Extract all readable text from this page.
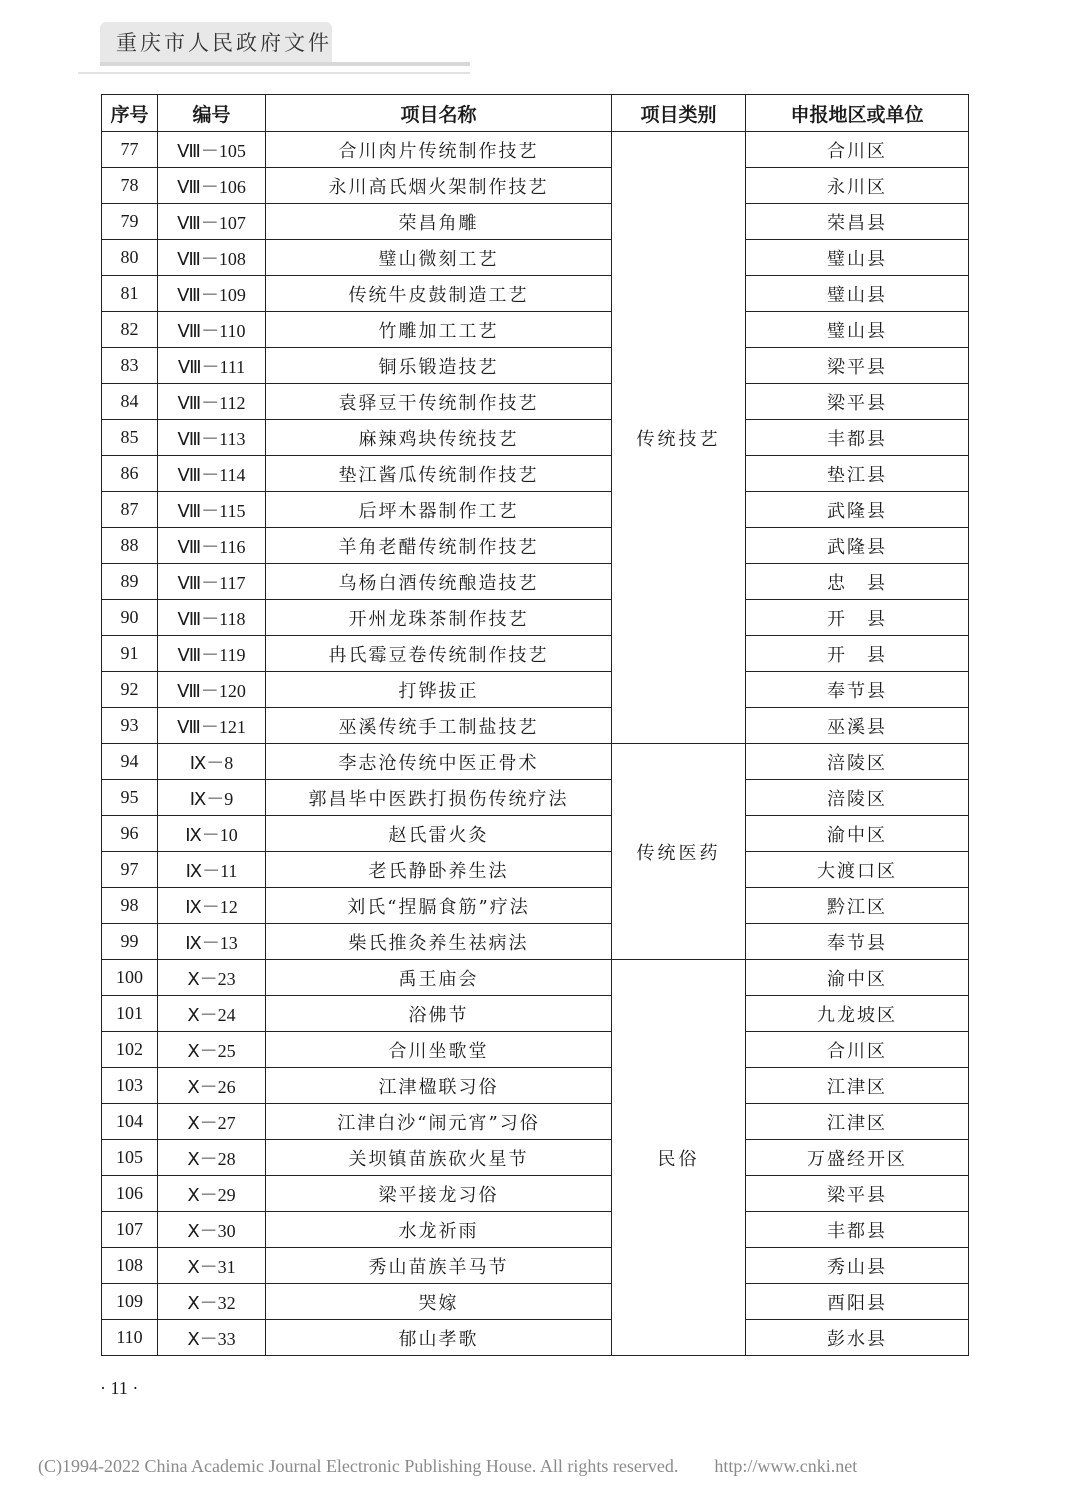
重庆市人民政府文件
序号	编号	项目名称	项目类别	申报地区或单位
77	Ⅷ－105	合川肉片传统制作技艺	传统技艺	合川区
78	Ⅷ－106	永川高氏烟火架制作技艺		永川区
79	Ⅷ－107	荣昌角雕		荣昌县
80	Ⅷ－108	璧山微刻工艺		璧山县
81	Ⅷ－109	传统牛皮鼓制造工艺		璧山县
82	Ⅷ－110	竹雕加工工艺		璧山县
83	Ⅷ－111	铜乐锻造技艺		梁平县
84	Ⅷ－112	袁驿豆干传统制作技艺		梁平县
85	Ⅷ－113	麻辣鸡块传统技艺		丰都县
86	Ⅷ－114	垫江酱瓜传统制作技艺		垫江县
87	Ⅷ－115	后坪木器制作工艺		武隆县
88	Ⅷ－116	羊角老醋传统制作技艺		武隆县
89	Ⅷ－117	乌杨白酒传统酿造技艺		忠　县
90	Ⅷ－118	开州龙珠茶制作技艺		开　县
91	Ⅷ－119	冉氏霉豆卷传统制作技艺		开　县
92	Ⅷ－120	打铧拔正		奉节县
93	Ⅷ－121	巫溪传统手工制盐技艺		巫溪县
94	Ⅸ－8	李志沧传统中医正骨术	传统医药	涪陵区
95	Ⅸ－9	郭昌毕中医跌打损伤传统疗法		涪陵区
96	Ⅸ－10	赵氏雷火灸		渝中区
97	Ⅸ－11	老氏静卧养生法		大渡口区
98	Ⅸ－12	刘氏“捏膈食筋”疗法		黔江区
99	Ⅸ－13	柴氏推灸养生祛病法		奉节县
100	Ⅹ－23	禹王庙会	民俗	渝中区
101	Ⅹ－24	浴佛节		九龙坡区
102	Ⅹ－25	合川坐歌堂		合川区
103	Ⅹ－26	江津楹联习俗		江津区
104	Ⅹ－27	江津白沙“闹元宵”习俗		江津区
105	Ⅹ－28	关坝镇苗族砍火星节		万盛经开区
106	Ⅹ－29	梁平接龙习俗		梁平县
107	Ⅹ－30	水龙祈雨		丰都县
108	Ⅹ－31	秀山苗族羊马节		秀山县
109	Ⅹ－32	哭嫁		酉阳县
110	Ⅹ－33	郁山孝歌		彭水县
· 11 ·
(C)1994-2022 China Academic Journal Electronic Publishing House. All rights reserved.　　http://www.cnki.net
